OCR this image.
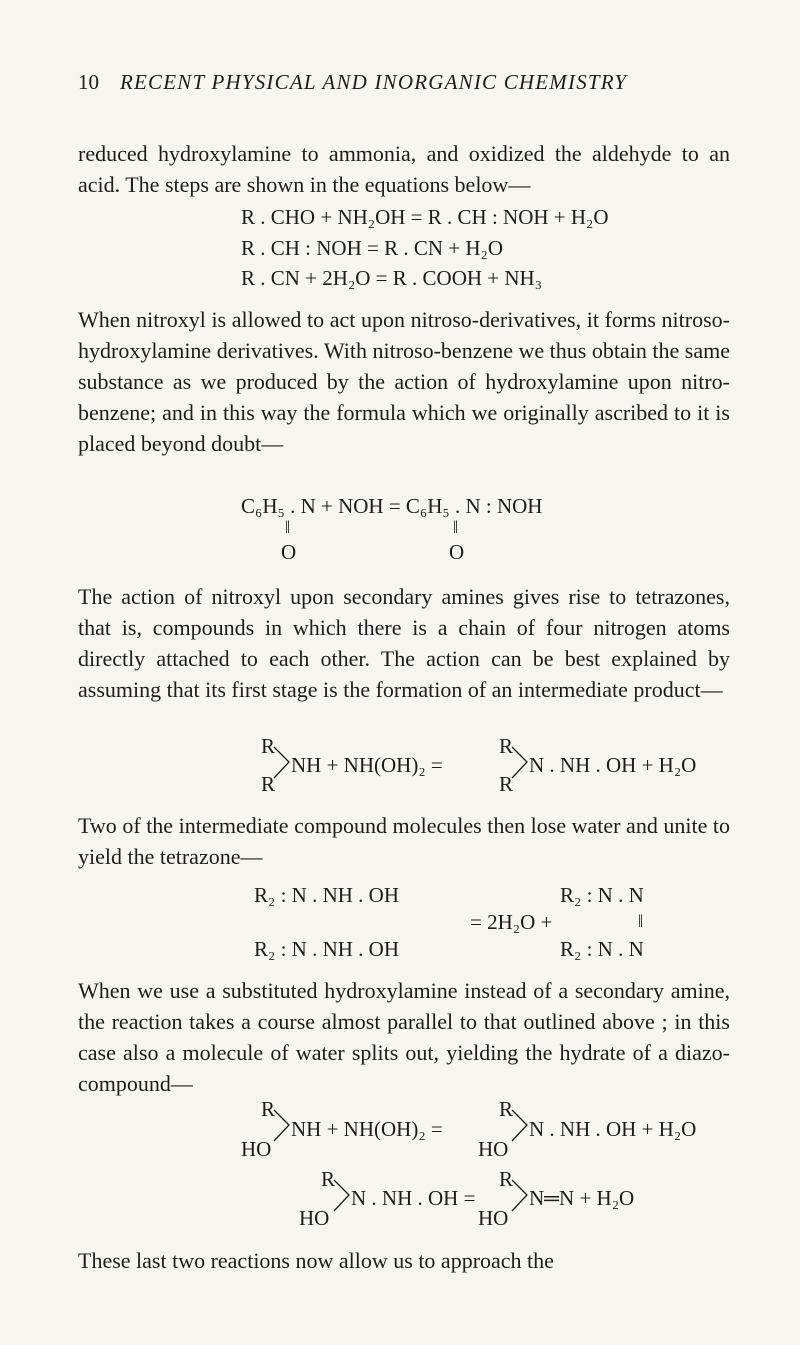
10 RECENT PHYSICAL AND INORGANIC CHEMISTRY

reduced hydroxylamine to ammonia, and oxidized the aldehyde to an acid. The steps are shown in the equations below—

R . CHO + NH₂OH = R . CH : NOH + H₂O
R . CH : NOH = R . CN + H₂O
R . CN + 2H₂O = R . COOH + NH₃

When nitroxyl is allowed to act upon nitroso-derivatives, it forms nitroso-hydroxylamine derivatives. With nitroso-benzene we thus obtain the same substance as we produced by the action of hydroxylamine upon nitro-benzene; and in this way the formula which we originally ascribed to it is placed beyond doubt—

C₆H₅ . N + NOH = C₆H₅ . N : NOH
‖	‖
O	O

The action of nitroxyl upon secondary amines gives rise to tetrazones, that is, compounds in which there is a chain of four nitrogen atoms directly attached to each other. The action can be best explained by assuming that its first stage is the formation of an intermediate product—

R
R
NH + NH(OH)₂ =
R
R
N . NH . OH + H₂O

Two of the intermediate compound molecules then lose water and unite to yield the tetrazone—

R₂ : N . NH . OH
R₂ : N . NH . OH
= 2H₂O +
R₂ : N . N
R₂ : N . N
‖

When we use a substituted hydroxylamine instead of a secondary amine, the reaction takes a course almost parallel to that outlined above ; in this case also a molecule of water splits out, yielding the hydrate of a diazo-compound—

R
HO
NH + NH(OH)₂ =
R
HO
N . NH . OH + H₂O
R
HO
N . NH . OH =
R
HO
N═N + H₂O

These last two reactions now allow us to approach the
